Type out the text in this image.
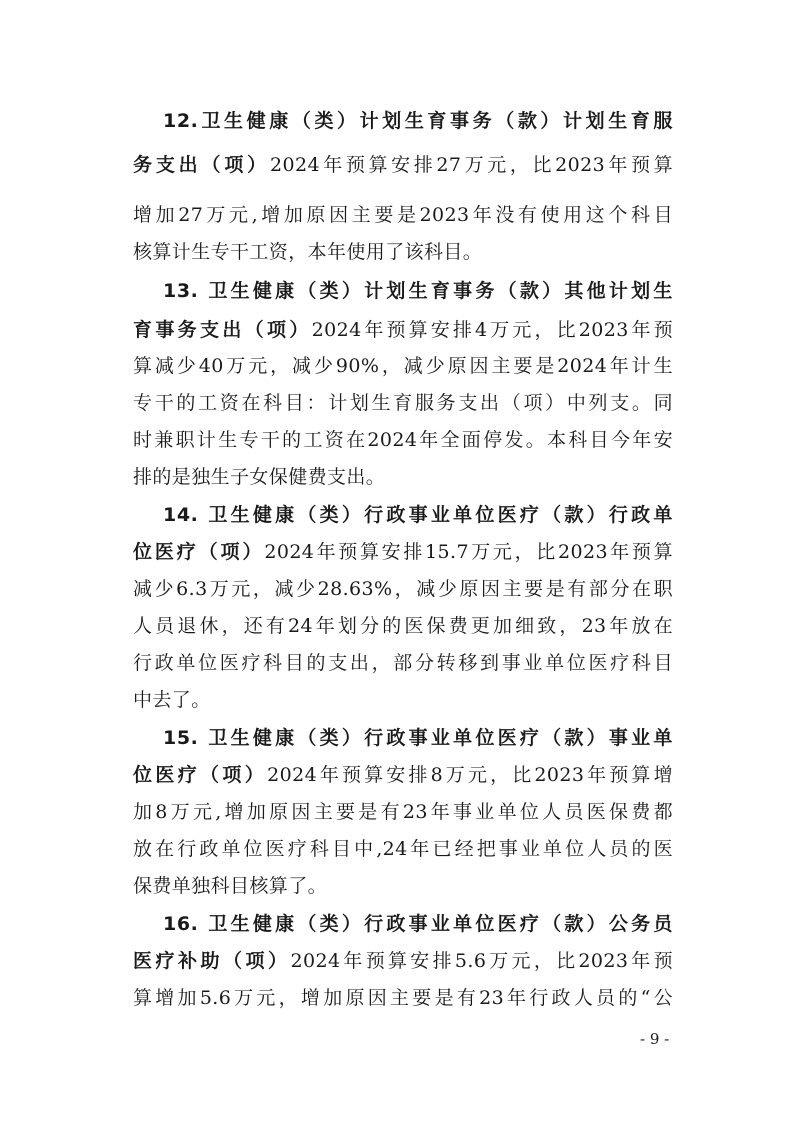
12.卫生健康（类）计划生育事务（款）计划生育服
务支出（项）2024年预算安排27万元，比2023年预算
增加27万元,增加原因主要是2023年没有使用这个科目
核算计生专干工资，本年使用了该科目。
13. 卫生健康（类）计划生育事务（款）其他计划生
育事务支出（项）2024年预算安排4万元，比2023年预
算减少40万元，减少90%，减少原因主要是2024年计生
专干的工资在科目：计划生育服务支出（项）中列支。同
时兼职计生专干的工资在2024年全面停发。本科目今年安
排的是独生子女保健费支出。
14. 卫生健康（类）行政事业单位医疗（款）行政单
位医疗（项）2024年预算安排15.7万元，比2023年预算
减少6.3万元，减少28.63%，减少原因主要是有部分在职
人员退休，还有24年划分的医保费更加细致，23年放在
行政单位医疗科目的支出，部分转移到事业单位医疗科目
中去了。
15. 卫生健康（类）行政事业单位医疗（款）事业单
位医疗（项）2024年预算安排8万元，比2023年预算增
加8万元,增加原因主要是有23年事业单位人员医保费都
放在行政单位医疗科目中,24年已经把事业单位人员的医
保费单独科目核算了。
16. 卫生健康（类）行政事业单位医疗（款）公务员
医疗补助（项）2024年预算安排5.6万元，比2023年预
算增加5.6万元，增加原因主要是有23年行政人员的“公
- 9 -
